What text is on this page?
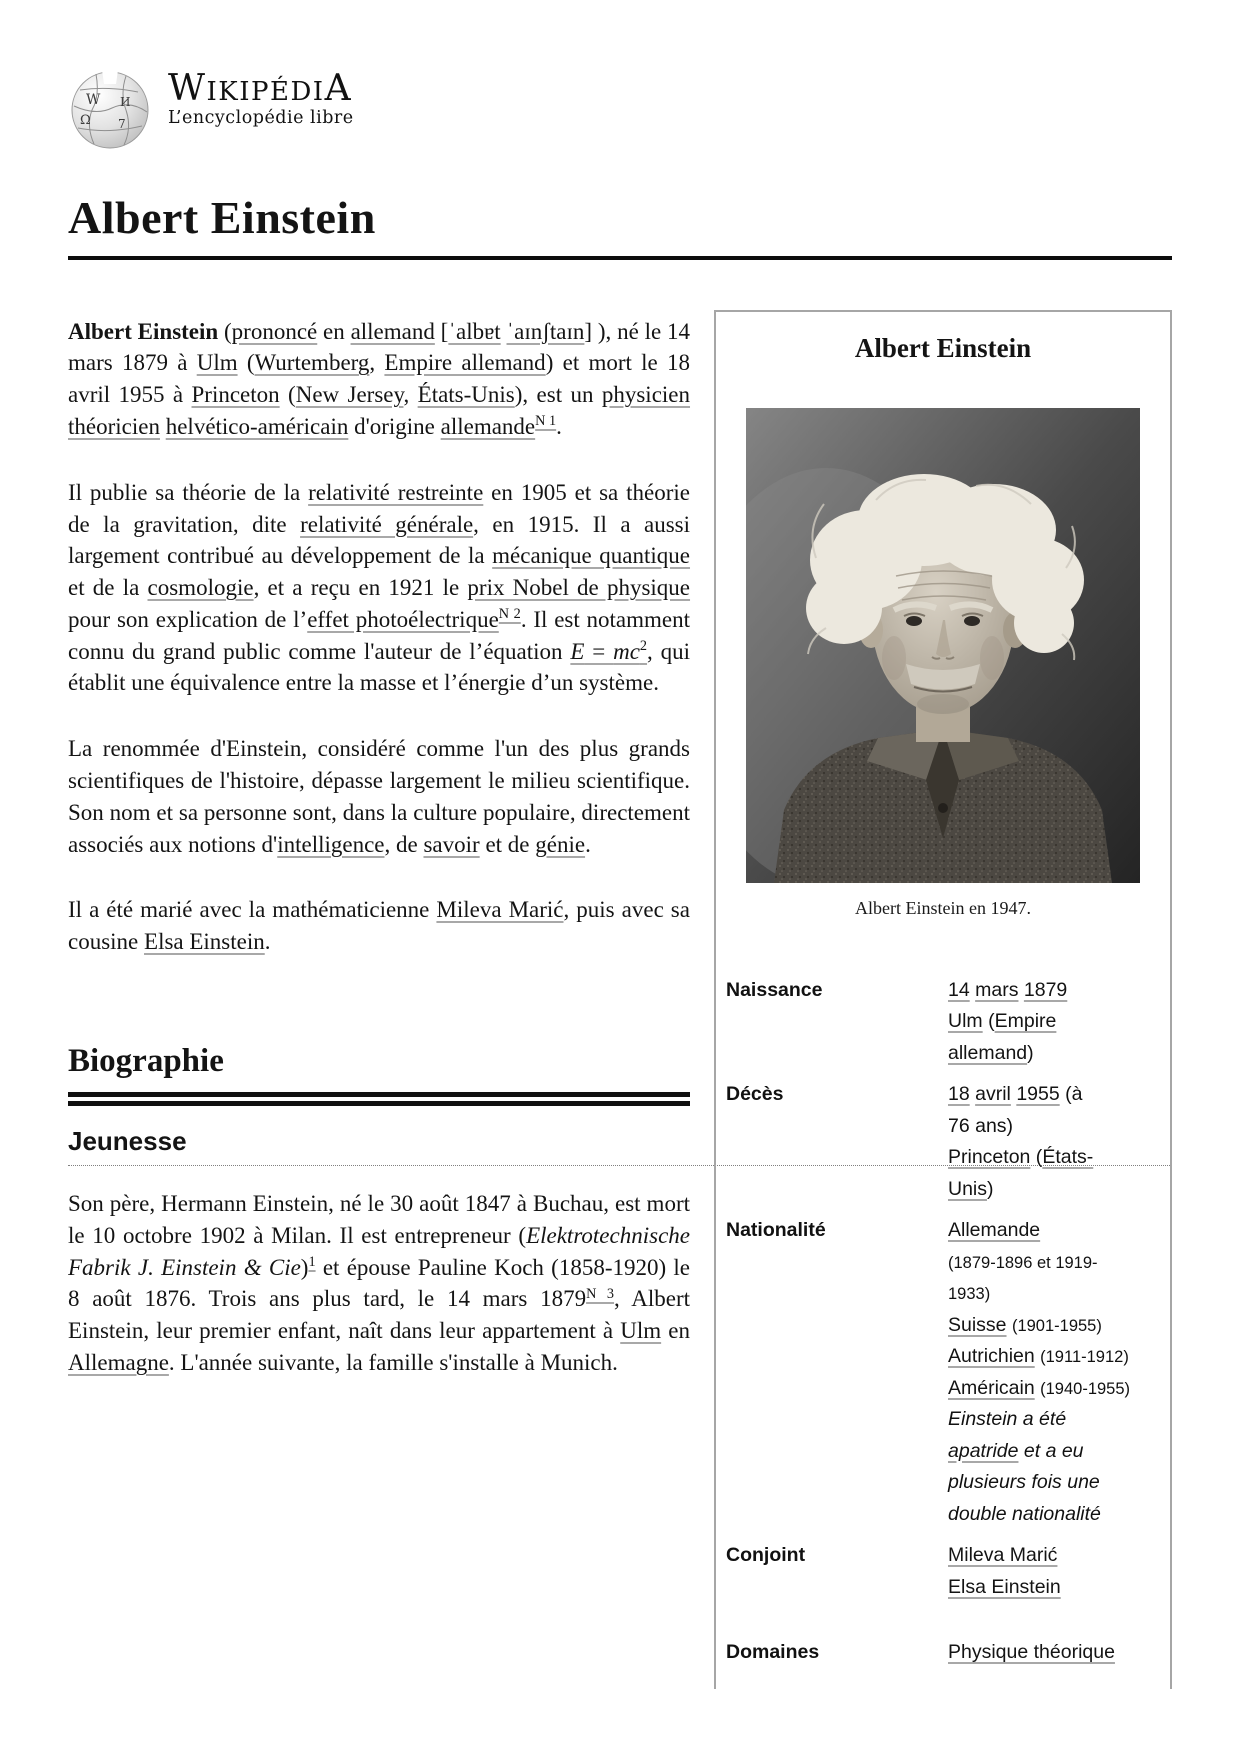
W
Ω
И
7
WIKIPÉDIA
L’encyclopédie libre
Albert Einstein
Albert Einstein
Albert Einstein en 1947.
Naissance	14 mars 1879
Ulm (Empire
allemand)
Décès	18 avril 1955 (à
76 ans)
Princeton (États-
Unis)
Nationalité	Allemande
(1879-1896 et 1919-
1933)
Suisse (1901-1955)
Autrichien (1911-1912)
Américain (1940-1955)
Einstein a été
apatride et a eu
plusieurs fois une
double nationalité
Conjoint	Mileva Marić
Elsa Einstein
Domaines	Physique théorique

Albert Einstein (prononcé en allemand [ˈalbɐt ˈaɪnʃtaɪn] ), né le 14 mars 1879 à Ulm (Wurtemberg, Empire allemand) et mort le 18 avril 1955 à Princeton (New Jersey, États-Unis), est un physicien théoricien helvético-américain d'origine allemande$^{N 1}$.

Il publie sa théorie de la relativité restreinte en 1905 et sa théorie de la gravitation, dite relativité générale, en 1915. Il a aussi largement contribué au développement de la mécanique quantique et de la cosmologie, et a reçu en 1921 le prix Nobel de physique pour son explication de l’effet photoélectrique$^{N 2}$. Il est notamment connu du grand public comme l'auteur de l’équation $E = mc^2$, qui établit une équivalence entre la masse et l’énergie d’un système.

La renommée d'Einstein, considéré comme l'un des plus grands scientifiques de l'histoire, dépasse largement le milieu scientifique. Son nom et sa personne sont, dans la culture populaire, directement associés aux notions d'intelligence, de savoir et de génie.

Il a été marié avec la mathématicienne Mileva Marić, puis avec sa cousine Elsa Einstein.

Biographie
Jeunesse

Son père, Hermann Einstein, né le 30 août 1847 à Buchau, est mort le 10 octobre 1902 à Milan. Il est entrepreneur (Elektrotechnische Fabrik J. Einstein & Cie)$^1$ et épouse Pauline Koch (1858-1920) le 8 août 1876. Trois ans plus tard, le 14 mars $1879^{N 3}$, Albert Einstein, leur premier enfant, naît dans leur appartement à Ulm en Allemagne. L'année suivante, la famille s'installe à Munich.
